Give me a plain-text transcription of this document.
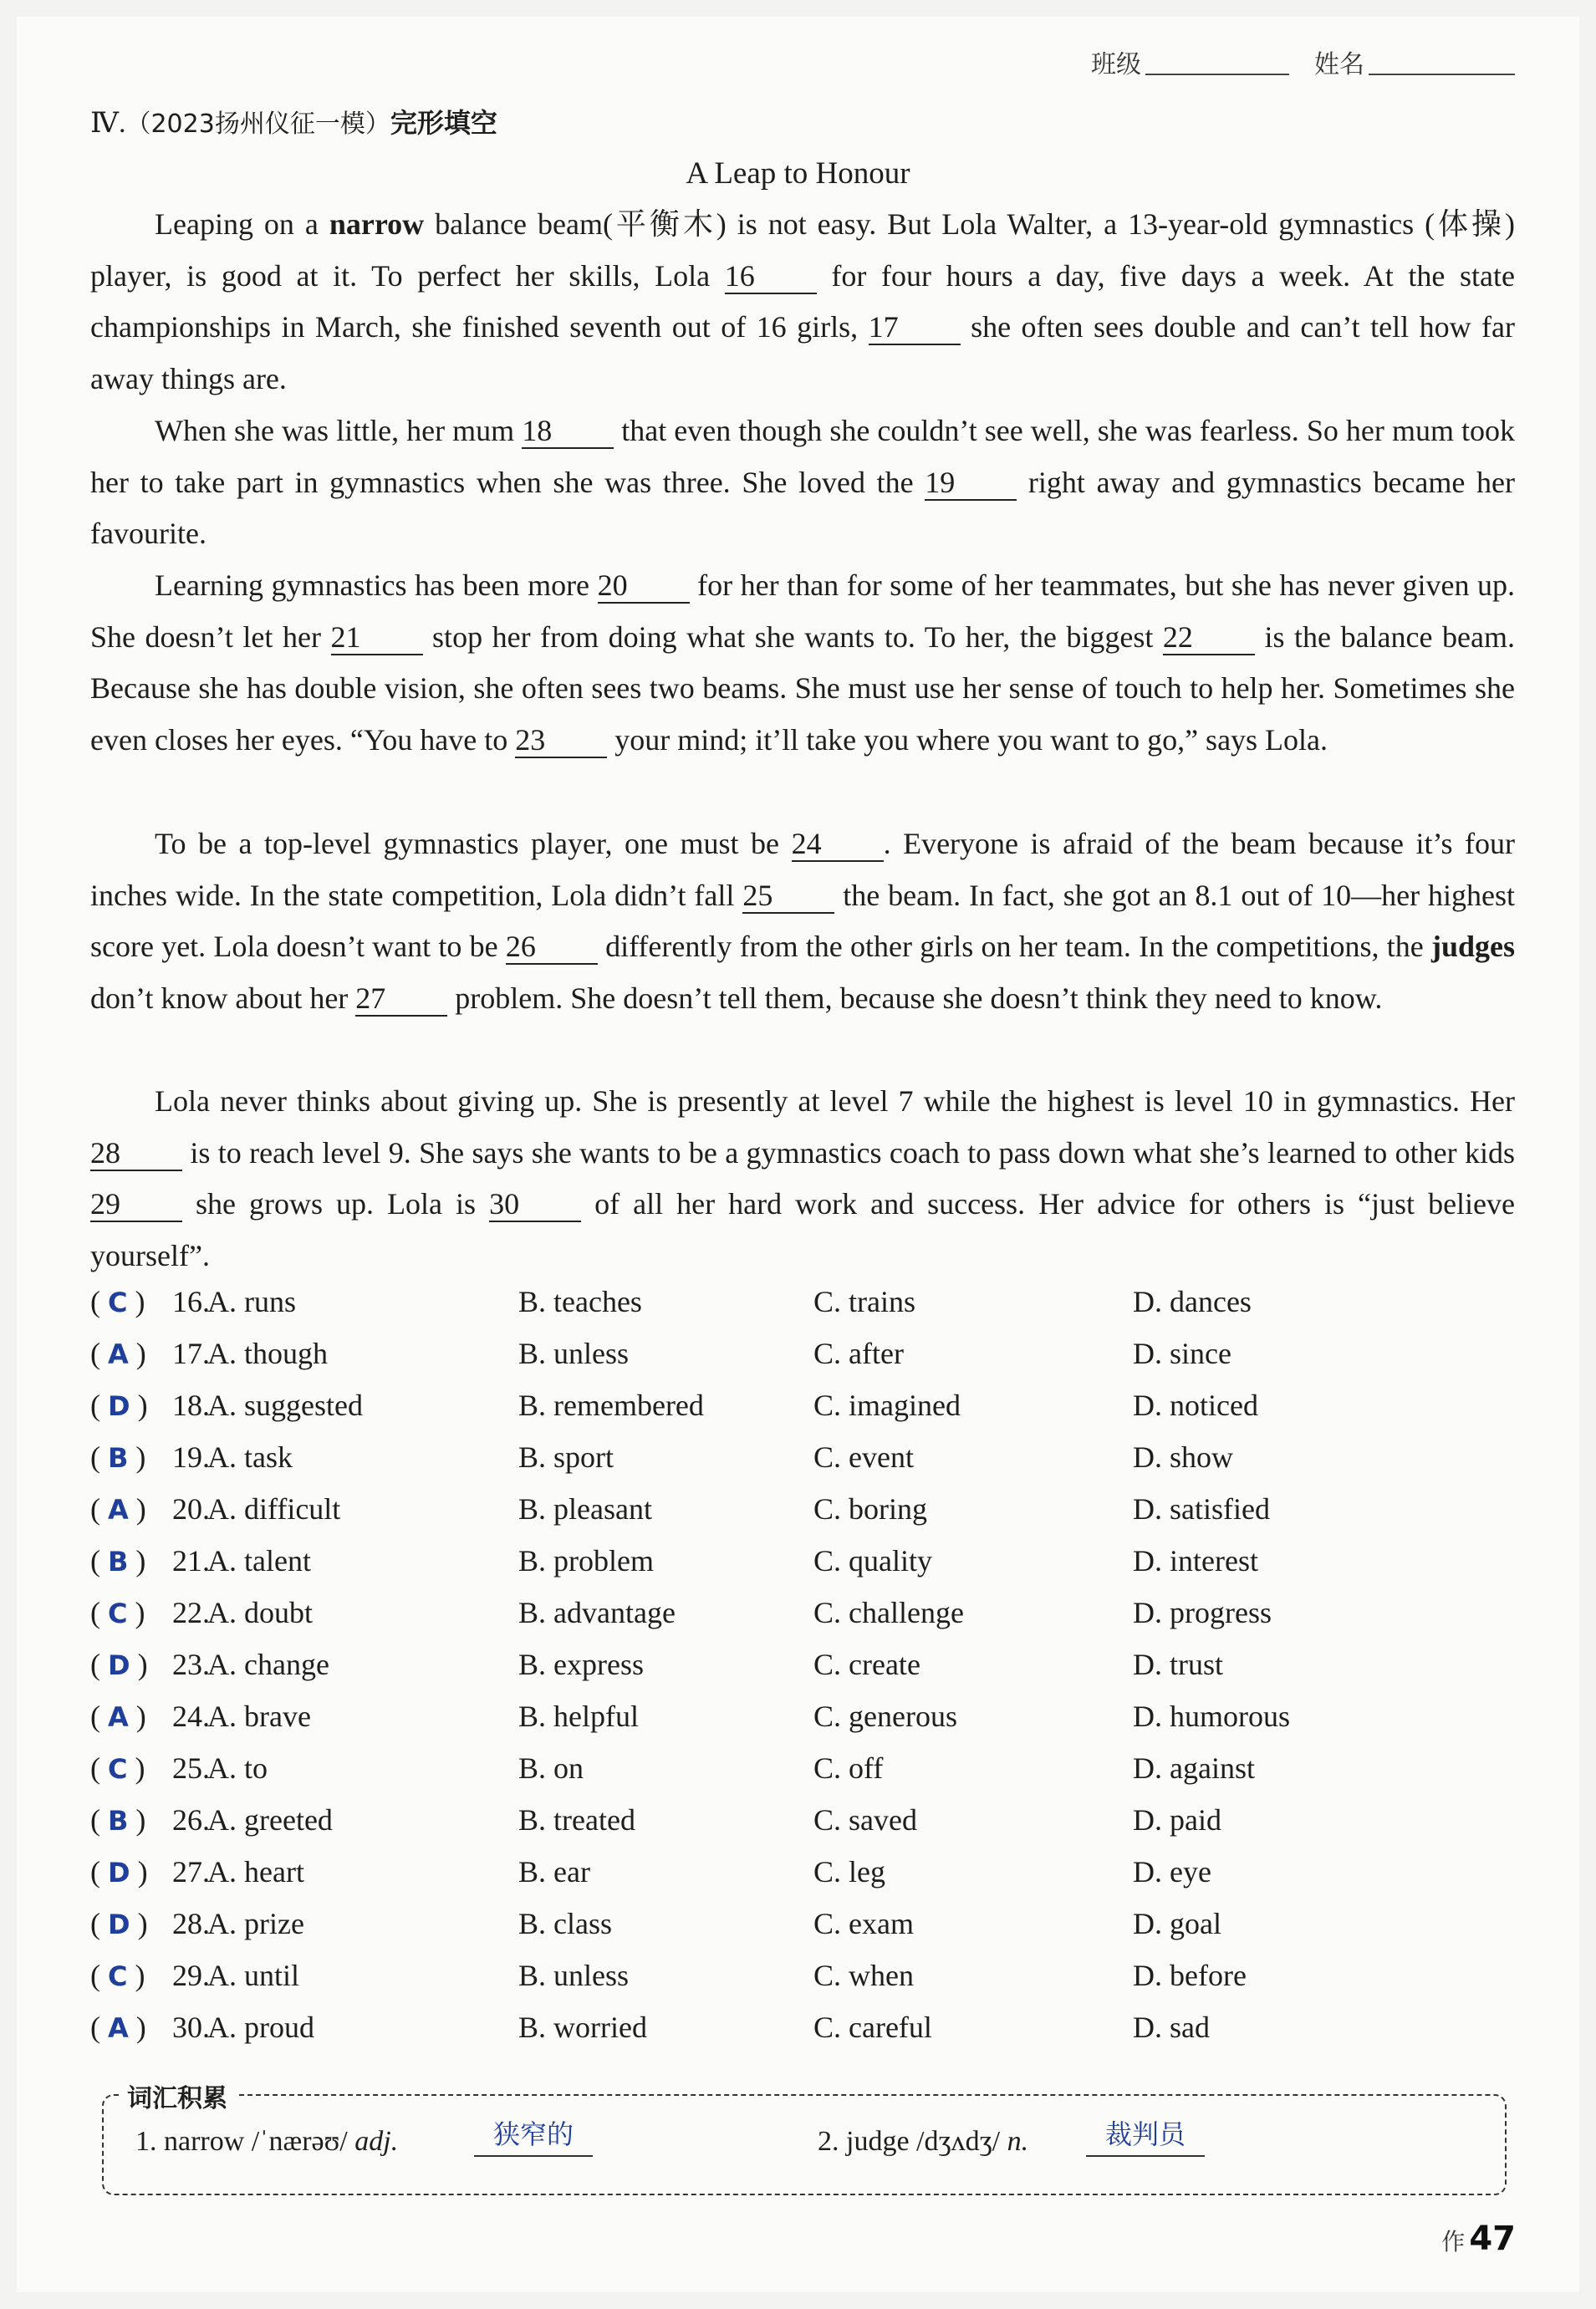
班级	姓名
Ⅳ.（2023扬州仪征一模）完形填空
A Leap to Honour
Leaping on a narrow balance beam(平衡木) is not easy. But Lola Walter, a 13-year-old gymnastics (体操) player, is good at it. To perfect her skills, Lola 16 for four hours a day, five days a week. At the state championships in March, she finished seventh out of 16 girls, 17 she often sees double and can’t tell how far away things are.
When she was little, her mum 18 that even though she couldn’t see well, she was fearless. So her mum took her to take part in gymnastics when she was three. She loved the 19 right away and gymnastics became her favourite.
Learning gymnastics has been more 20 for her than for some of her teammates, but she has never given up. She doesn’t let her 21 stop her from doing what she wants to. To her, the biggest 22 is the balance beam. Because she has double vision, she often sees two beams. She must use her sense of touch to help her. Sometimes she even closes her eyes. “You have to 23 your mind; it’ll take you where you want to go,” says Lola.
To be a top-level gymnastics player, one must be 24 . Everyone is afraid of the beam because it’s four inches wide. In the state competition, Lola didn’t fall 25 the beam. In fact, she got an 8.1 out of 10—her highest score yet. Lola doesn’t want to be 26 differently from the other girls on her team. In the competitions, the judges don’t know about her 27 problem. She doesn’t tell them, because she doesn’t think they need to know.
Lola never thinks about giving up. She is presently at level 7 while the highest is level 10 in gymnastics. Her 28 is to reach level 9. She says she wants to be a gymnastics coach to pass down what she’s learned to other kids 29 she grows up. Lola is 30 of all her hard work and success. Her advice for others is “just believe yourself”.
( C ) 16.
A. runs	B. teaches	C. trains	D. dances
( A ) 17.
A. though	B. unless	C. after	D. since
( D ) 18.
A. suggested	B. remembered	C. imagined	D. noticed
( B ) 19.
A. task	B. sport	C. event	D. show
( A ) 20.
A. difficult	B. pleasant	C. boring	D. satisfied
( B ) 21.
A. talent	B. problem	C. quality	D. interest
( C ) 22.
A. doubt	B. advantage	C. challenge	D. progress
( D ) 23.
A. change	B. express	C. create	D. trust
( A ) 24.
A. brave	B. helpful	C. generous	D. humorous
( C ) 25.
A. to	B. on	C. off	D. against
( B ) 26.
A. greeted	B. treated	C. saved	D. paid
( D ) 27.
A. heart	B. ear	C. leg	D. eye
( D ) 28.
A. prize	B. class	C. exam	D. goal
( C ) 29.
A. until	B. unless	C. when	D. before
( A ) 30.
A. proud	B. worried	C. careful	D. sad
词汇积累
1. narrow /ˈnærəʊ/ adj.	狭窄的	2. judge /dʒʌdʒ/ n.	裁判员
作 47
